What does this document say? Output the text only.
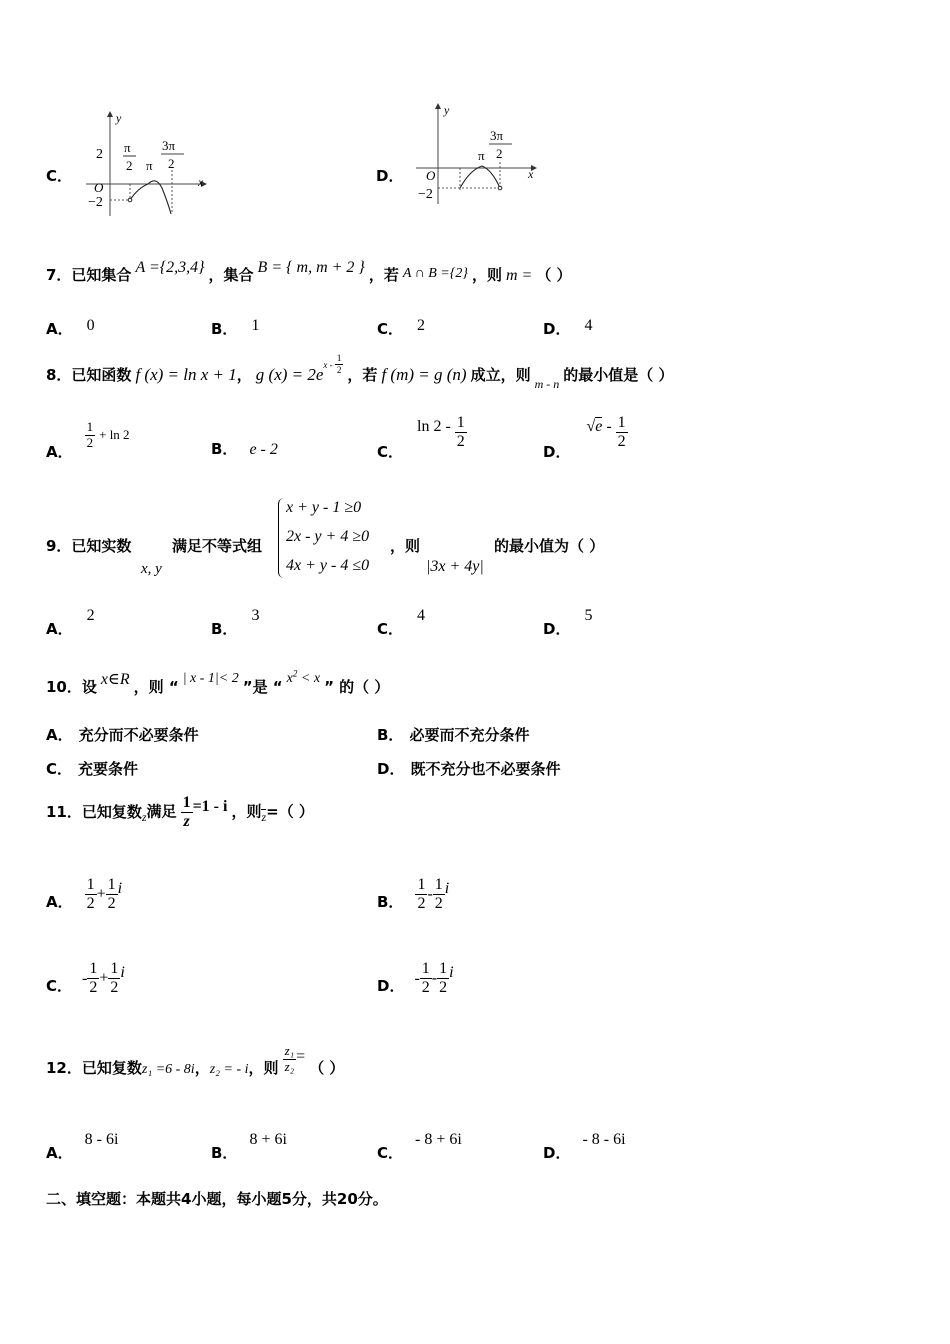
C．
y
x
O
2
−2
π
2 π
3π
2
D．
y
x
O
−2
π
3π
2
7．已知集合 A ={2,3,4} ，集合 B = { m, m + 2 } ，若 A ∩ B ={2} ，则 m = （ ）
A． 0	B． 1	C． 2	D． 4
8．已知函数 f (x) = ln x + 1， g $(x) = 2e^{x -} \frac{1}{2}$ ，若 f (m) = g (n) 成立，则 $_{m - n}$ 的最小值是（ ）
A．
$\frac{1}{2} + \ln 2$
B． e - 2	C． $\ln 2 - \frac{1}{2}$	D． $√e - \frac{1}{2}$
9．已知实数
x, y
满足不等式组
x + y - 1 ≥0
2x - y + 4 ≥0
4x + y - 4 ≤0
，则
|3x + 4y|
的最小值为（ ）
A．2
B．3
C．4
D．5
10．设 x∈R ，则 “ | x - 1|< 2 ”是 “ $x^2 < x$ ” 的（ ）
A． 充分而不必要条件	B． 必要而不充分条件
C． 充要条件	D． 既不充分也不必要条件
11．已知复数$_z$满足 $\frac{1}{z} =1 - i$ ，则$_z$=（ ）
A． $\frac{1}{2} + \frac{1}{2}$ i
B． $\frac{1}{2} - \frac{1}{2}$ i
C． - $\frac{1}{2} + \frac{1}{2}$ i
D． - $\frac{1}{2} - \frac{1}{2}$ i
12．已知复数z₁ =6 - 8i，z₂ = - i，则 $\frac{\text{z₁}}{\text{z₂}}$ = （ ）
A．8 - 6i
B．8 + 6i
C．- 8 + 6i
D．- 8 - 6i
二、填空题：本题共4小题，每小题5分，共20分。
